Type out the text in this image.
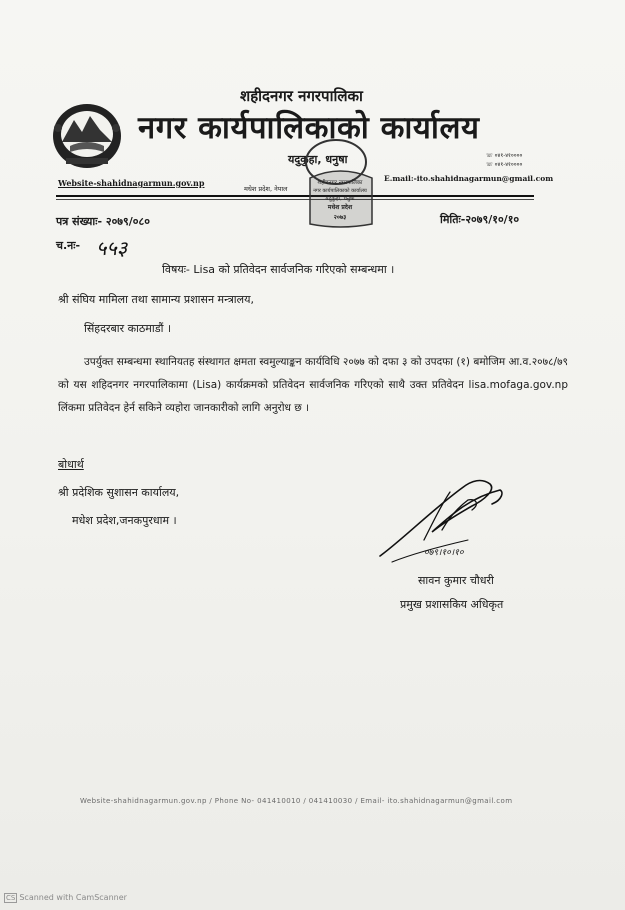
शहीदनगर नगरपालिका
नगर कार्यपालिकाको कार्यालय
यदुकुहा, धनुषा
मधेश प्रदेश, नेपाल
Website-shahidnagarmun.gov.np
☏ ०४१-४१००००
☏ ०४१-४१००००
E.mail:-ito.shahidnagarmun@gmail.com
शहीदनगर नगरपालिका
नगर कार्यपालिकाको कार्यालय
यदुकुहा, धनुषा
मधेश प्रदेश
२०७३
पत्र संख्याः- २०७९/०८०	मितिः-२०७९/१०/१०
च.नः- ५५३
विषयः- Lisa को प्रतिवेदन सार्वजनिक गरिएको सम्बन्धमा ।
श्री संघिय मामिला तथा सामान्य प्रशासन मन्त्रालय,
सिंहदरबार काठमाडौं ।
उपर्युक्त सम्बन्धमा स्थानियतह संस्थागत क्षमता स्वमुल्याङ्कन कार्यविधि २०७७ को दफा ३ को उपदफा (१) बमोजिम आ.व.२०७८/७९ को यस शहिदनगर नगरपालिकामा (Lisa) कार्यक्रमको प्रतिवेदन सार्वजनिक गरिएको साथै उक्त प्रतिवेदन lisa.mofaga.gov.np लिंकमा प्रतिवेदन हेर्न सकिने व्यहोरा जानकारीको लागि अनुरोध छ ।
बोधार्थ
श्री प्रदेशिक सुशासन कार्यालय,
मधेश प्रदेश,जनकपुरधाम ।
०७९।१०।१०
सावन कुमार चौधरी
प्रमुख प्रशासकिय अधिकृत
Website-shahidnagarmun.gov.np / Phone No- 041410010 / 041410030 / Email- ito.shahidnagarmun@gmail.com
CS Scanned with CamScanner
